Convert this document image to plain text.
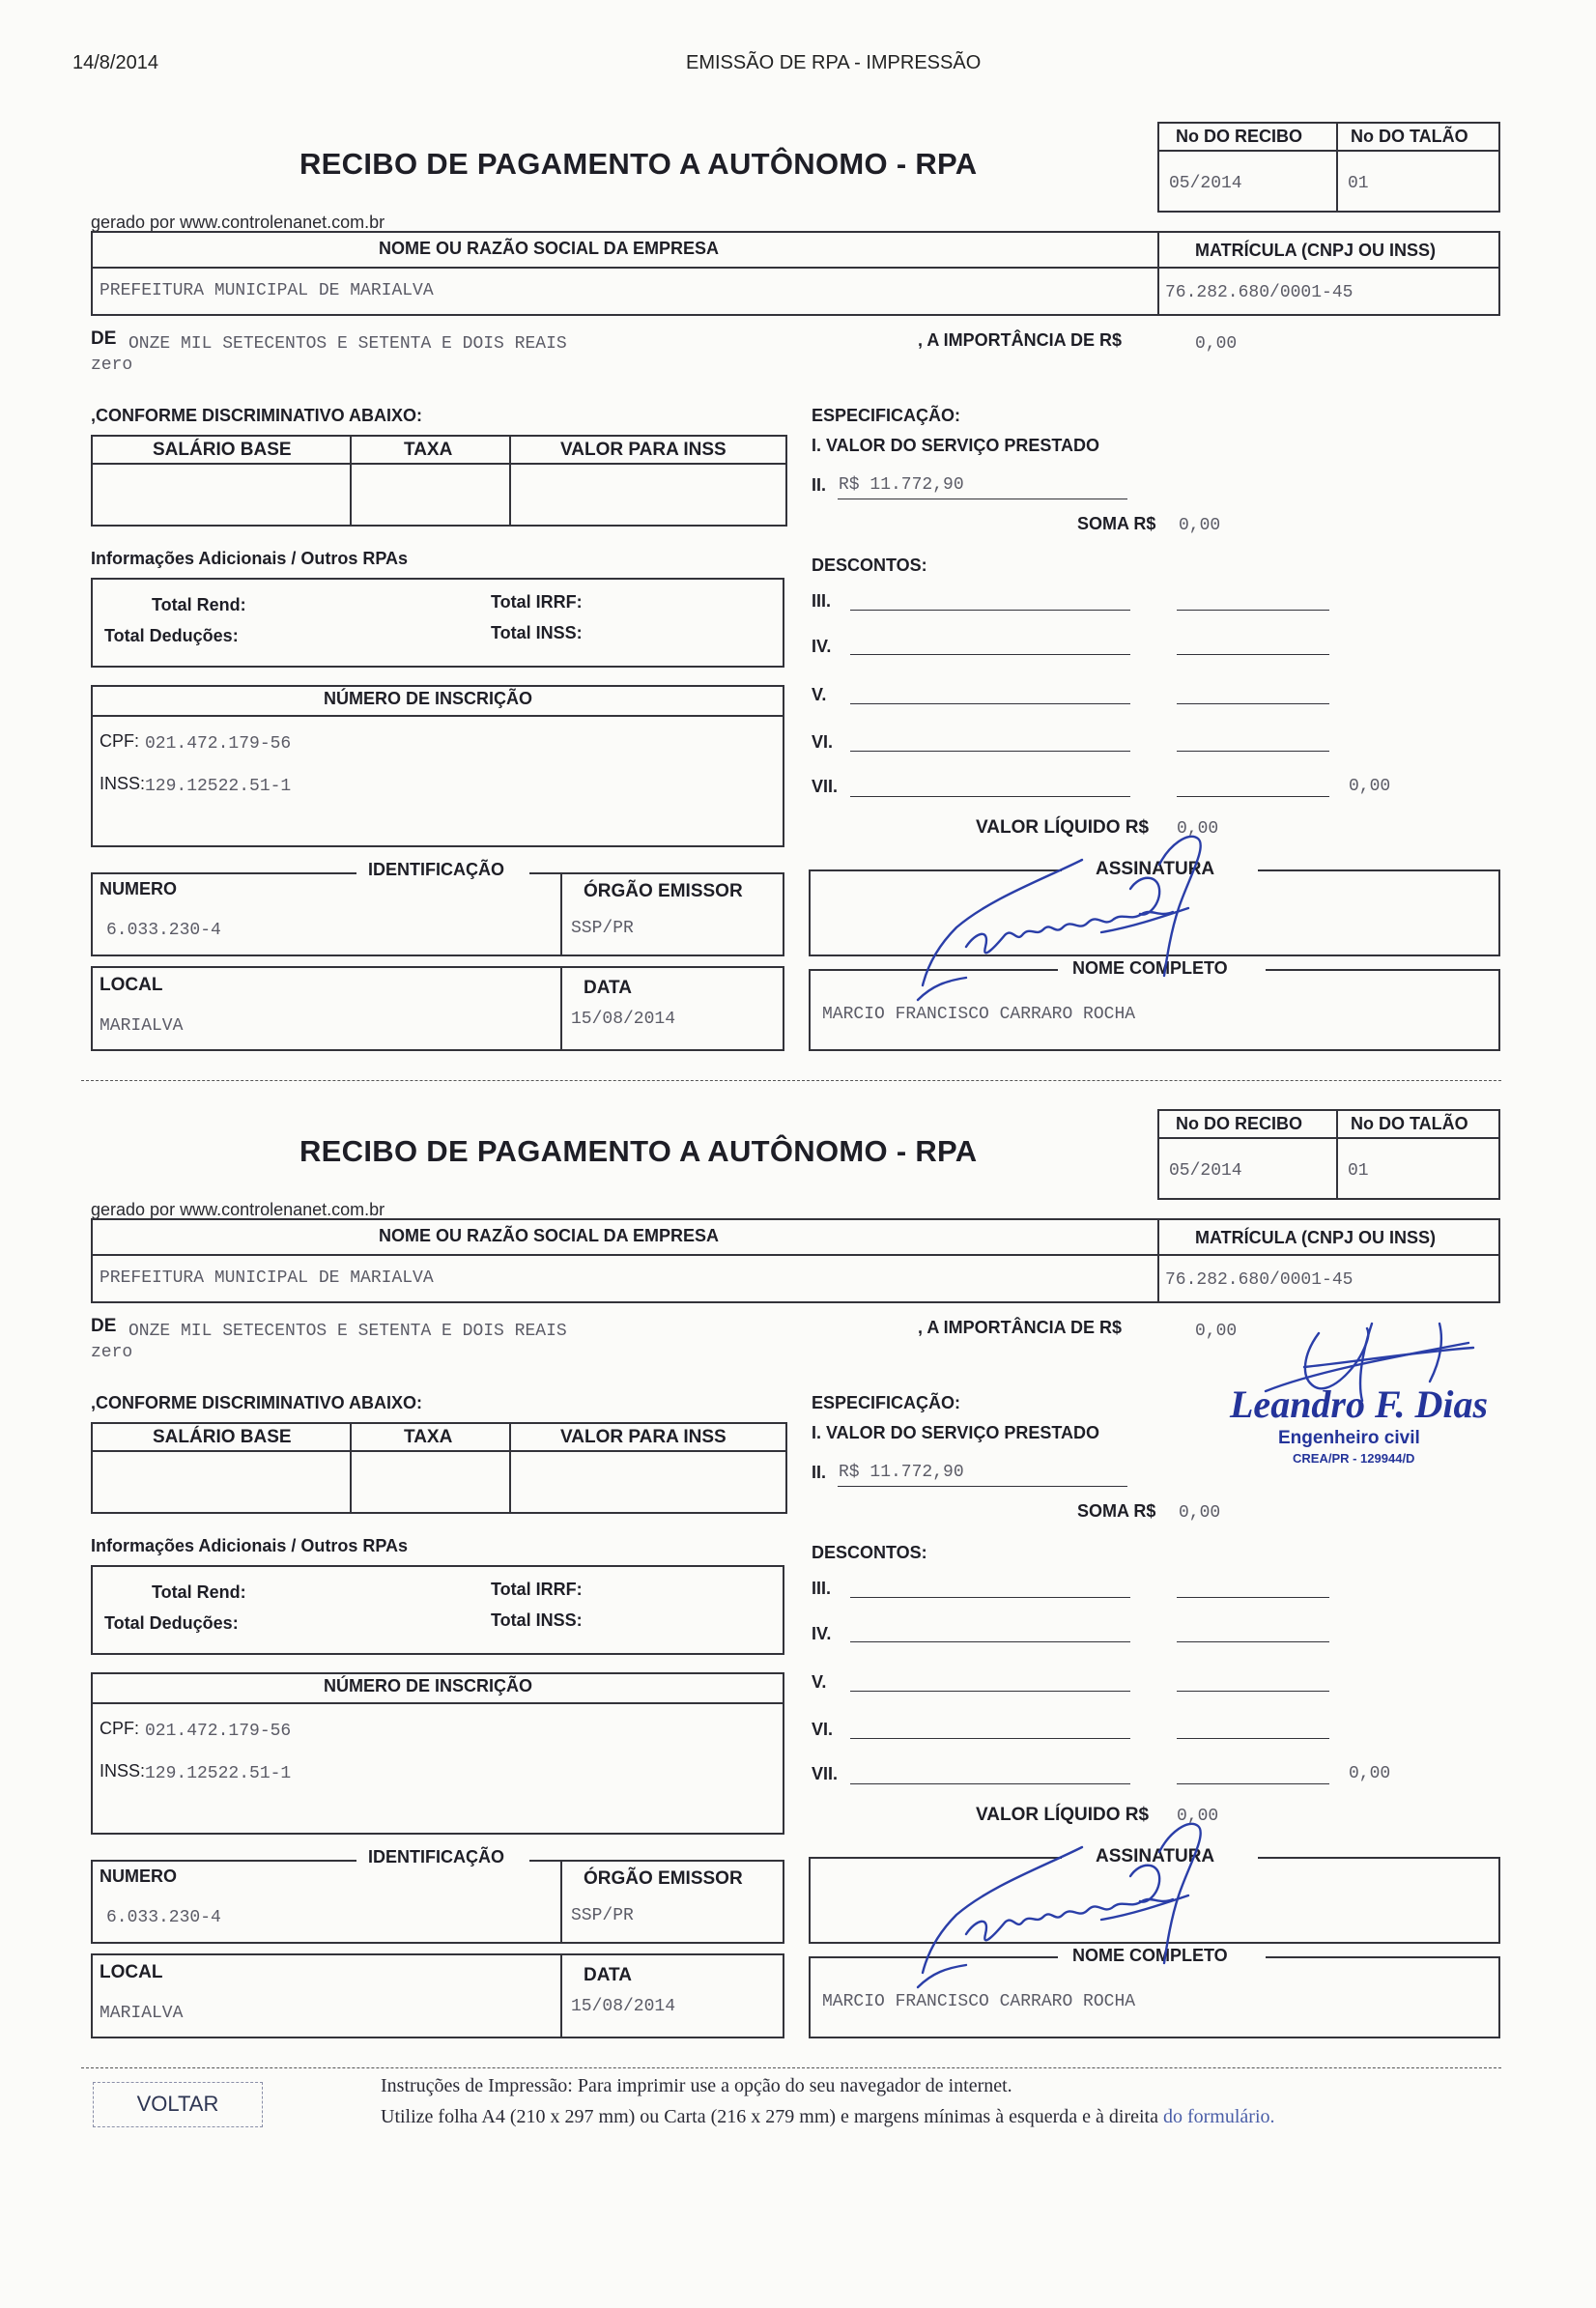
14/8/2014	EMISSÃO DE RPA - IMPRESSÃO
RECIBO DE PAGAMENTO A AUTÔNOMO - RPA
No DO RECIBO	No DO TALÃO
05/2014	01
gerado por www.controlenanet.com.br
NOME OU RAZÃO SOCIAL DA EMPRESA	MATRÍCULA (CNPJ OU INSS)
PREFEITURA MUNICIPAL DE MARIALVA	76.282.680/0001-45
DE ONZE MIL SETECENTOS E SETENTA E DOIS REAIS
zero
, A IMPORTÂNCIA DE R$	0,00
,CONFORME DISCRIMINATIVO ABAIXO:
SALÁRIO BASE	TAXA	VALOR PARA INSS
Informações Adicionais / Outros RPAs
Total Rend:
Total Deduções:
Total IRRF:
Total INSS:
NÚMERO DE INSCRIÇÃO
CPF: 021.472.179-56
INSS: 129.12522.51-1
IDENTIFICAÇÃO
NUMERO
6.033.230-4
ÓRGÃO EMISSOR
SSP/PR
LOCAL
MARIALVA
DATA
15/08/2014
ESPECIFICAÇÃO:
I. VALOR DO SERVIÇO PRESTADO
II. R$ 11.772,90
SOMA R$ 0,00
DESCONTOS:
III.
IV.
V.
VI.
VII.	0,00
VALOR LÍQUIDO R$ 0,00
ASSINATURA
NOME COMPLETO
MARCIO FRANCISCO CARRARO ROCHA
RECIBO DE PAGAMENTO A AUTÔNOMO - RPA
No DO RECIBO	No DO TALÃO
05/2014	01
gerado por www.controlenanet.com.br
NOME OU RAZÃO SOCIAL DA EMPRESA	MATRÍCULA (CNPJ OU INSS)
PREFEITURA MUNICIPAL DE MARIALVA	76.282.680/0001-45
DE ONZE MIL SETECENTOS E SETENTA E DOIS REAIS
zero
, A IMPORTÂNCIA DE R$	0,00
,CONFORME DISCRIMINATIVO ABAIXO:
SALÁRIO BASE	TAXA	VALOR PARA INSS
Informações Adicionais / Outros RPAs
Total Rend:
Total Deduções:
Total IRRF:
Total INSS:
NÚMERO DE INSCRIÇÃO
CPF: 021.472.179-56
INSS: 129.12522.51-1
IDENTIFICAÇÃO
NUMERO
6.033.230-4
ÓRGÃO EMISSOR
SSP/PR
LOCAL
MARIALVA
DATA
15/08/2014
ESPECIFICAÇÃO:
I. VALOR DO SERVIÇO PRESTADO
II. R$ 11.772,90
SOMA R$ 0,00
DESCONTOS:
III.
IV.
V.
VI.
VII.	0,00
VALOR LÍQUIDO R$ 0,00
ASSINATURA
NOME COMPLETO
MARCIO FRANCISCO CARRARO ROCHA
Leandro F. Dias
Engenheiro civil
CREA/PR - 129944/D
VOLTAR
Instruções de Impressão: Para imprimir use a opção do seu navegador de internet.
Utilize folha A4 (210 x 297 mm) ou Carta (216 x 279 mm) e margens mínimas à esquerda e à direita do formulário.
